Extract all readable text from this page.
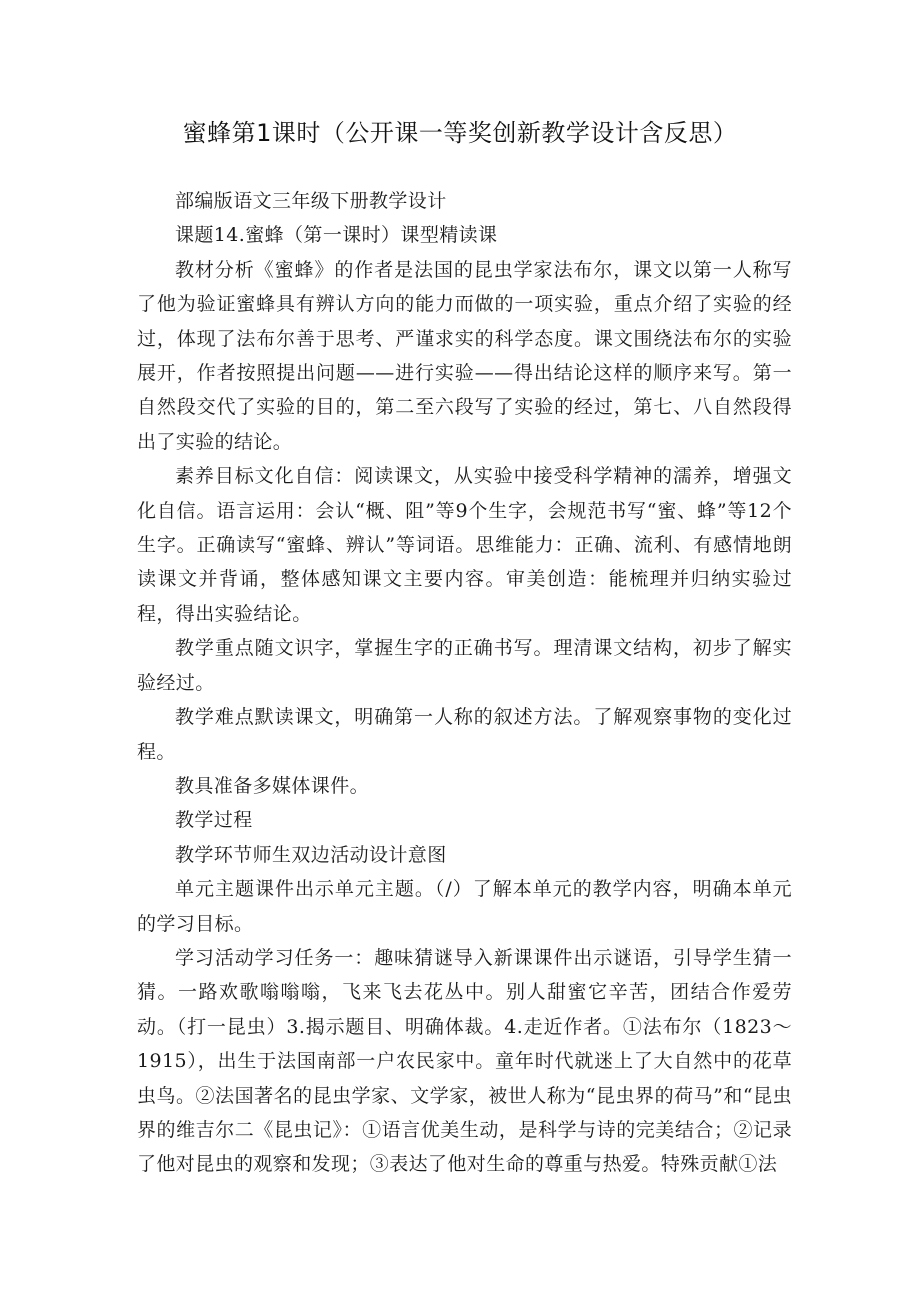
蜜蜂第1课时（公开课一等奖创新教学设计含反思）

部编版语文三年级下册教学设计

课题14.蜜蜂（第一课时）课型精读课

教材分析《蜜蜂》的作者是法国的昆虫学家法布尔，课文以第一人称写了他为验证蜜蜂具有辨认方向的能力而做的一项实验，重点介绍了实验的经过，体现了法布尔善于思考、严谨求实的科学态度。课文围绕法布尔的实验展开，作者按照提出问题——进行实验——得出结论这样的顺序来写。第一自然段交代了实验的目的，第二至六段写了实验的经过，第七、八自然段得出了实验的结论。

素养目标文化自信：阅读课文，从实验中接受科学精神的濡养，增强文化自信。语言运用：会认“概、阻”等9个生字，会规范书写“蜜、蜂”等12个生字。正确读写“蜜蜂、辨认”等词语。思维能力：正确、流利、有感情地朗读课文并背诵，整体感知课文主要内容。审美创造：能梳理并归纳实验过程，得出实验结论。

教学重点随文识字，掌握生字的正确书写。理清课文结构，初步了解实验经过。

教学难点默读课文，明确第一人称的叙述方法。了解观察事物的变化过程。

教具准备多媒体课件。

教学过程

教学环节师生双边活动设计意图

单元主题课件出示单元主题。（/）了解本单元的教学内容，明确本单元的学习目标。

学习活动学习任务一：趣味猜谜导入新课课件出示谜语，引导学生猜一猜。一路欢歌嗡嗡嗡，飞来飞去花丛中。别人甜蜜它辛苦，团结合作爱劳动。（打一昆虫）3.揭示题目、明确体裁。4.走近作者。①法布尔（1823～1915），出生于法国南部一户农民家中。童年时代就迷上了大自然中的花草虫鸟。②法国著名的昆虫学家、文学家，被世人称为“昆虫界的荷马”和“昆虫界的维吉尔二《昆虫记》：①语言优美生动，是科学与诗的完美结合；②记录了他对昆虫的观察和发现；③表达了他对生命的尊重与热爱。特殊贡献①法
